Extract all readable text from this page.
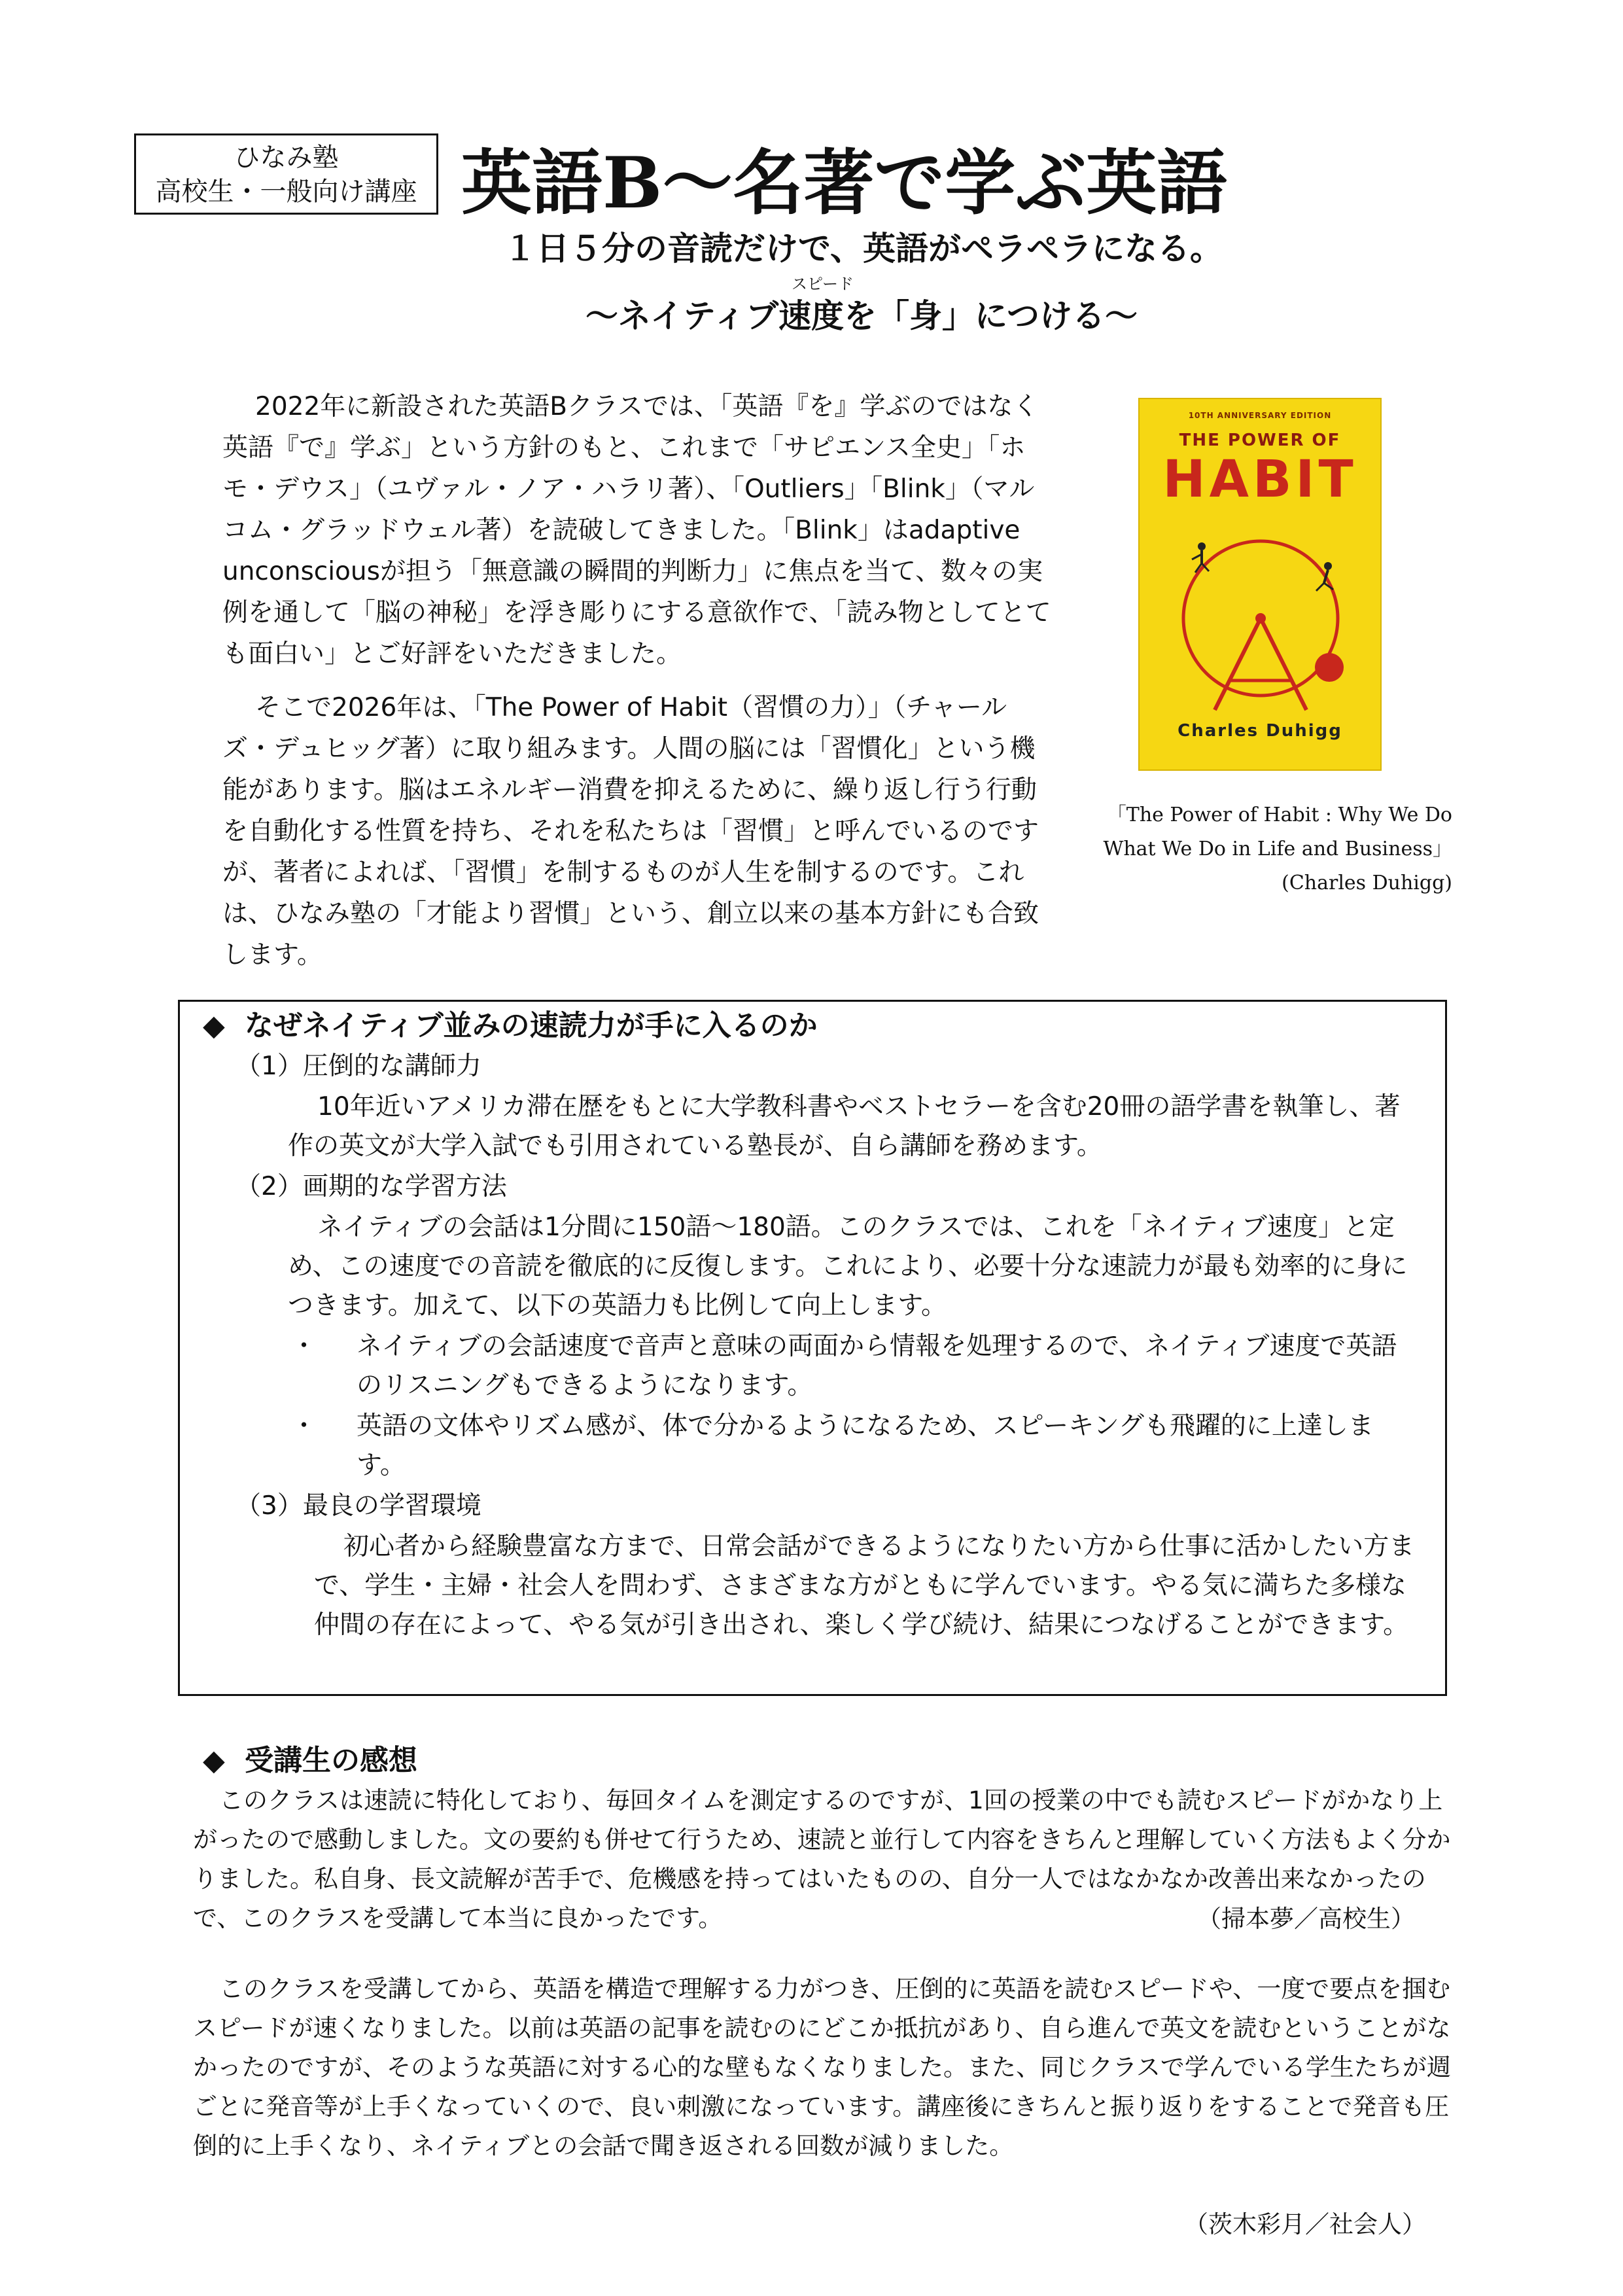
ひなみ塾
高校生・一般向け講座 英語B～名著で学ぶ英語
１日５分の音読だけで、英語がペラペラになる。
スピード
～ネイティブ速度を「身」につける～

2022年に新設された英語Bクラスでは、「英語『を』学ぶのではなく英語『で』学ぶ」という方針のもと、これまで「サピエンス全史」「ホモ・デウス」（ユヴァル・ノア・ハラリ著）、「Outliers」「Blink」（マルコム・グラッドウェル著）を読破してきました。「Blink」はadaptive unconsciousが担う「無意識の瞬間的判断力」に焦点を当て、数々の実例を通して「脳の神秘」を浮き彫りにする意欲作で、「読み物としてとても面白い」とご好評をいただきました。

そこで2026年は、「The Power of Habit（習慣の力）」（チャールズ・デュヒッグ著）に取り組みます。人間の脳には「習慣化」という機能があります。脳はエネルギー消費を抑えるために、繰り返し行う行動を自動化する性質を持ち、それを私たちは「習慣」と呼んでいるのですが、著者によれば、「習慣」を制するものが人生を制するのです。これは、ひなみ塾の「才能より習慣」という、創立以来の基本方針にも合致します。

10TH ANNIVERSARY EDITION
THE POWER OF
HABIT
Charles Duhigg
「The Power of Habit : Why We Do
What We Do in Life and Business」
(Charles Duhigg)
◆ なぜネイティブ並みの速読力が手に入るのか
（1）圧倒的な講師力

10年近いアメリカ滞在歴をもとに大学教科書やベストセラーを含む20冊の語学書を執筆し、著作の英文が大学入試でも引用されている塾長が、自ら講師を務めます。

（2）画期的な学習方法

ネイティブの会話は1分間に150語～180語。このクラスでは、これを「ネイティブ速度」と定め、この速度での音読を徹底的に反復します。これにより、必要十分な速読力が最も効率的に身につきます。加えて、以下の英語力も比例して向上します。

・ ネイティブの会話速度で音声と意味の両面から情報を処理するので、ネイティブ速度で英語のリスニングもできるようになります。

・ 英語の文体やリズム感が、体で分かるようになるため、スピーキングも飛躍的に上達します。

（3）最良の学習環境

初心者から経験豊富な方まで、日常会話ができるようになりたい方から仕事に活かしたい方まで、学生・主婦・社会人を問わず、さまざまな方がともに学んでいます。やる気に満ちた多様な仲間の存在によって、やる気が引き出され、楽しく学び続け、結果につなげることができます。

◆ 受講生の感想

このクラスは速読に特化しており、毎回タイムを測定するのですが、1回の授業の中でも読むスピードがかなり上がったので感動しました。文の要約も併せて行うため、速読と並行して内容をきちんと理解していく方法もよく分かりました。私自身、長文読解が苦手で、危機感を持ってはいたものの、自分一人ではなかなか改善出来なかったので、このクラスを受講して本当に良かったです。	（掃本夢／高校生）

このクラスを受講してから、英語を構造で理解する力がつき、圧倒的に英語を読むスピードや、一度で要点を掴むスピードが速くなりました。以前は英語の記事を読むのにどこか抵抗があり、自ら進んで英文を読むということがなかったのですが、そのような英語に対する心的な壁もなくなりました。また、同じクラスで学んでいる学生たちが週ごとに発音等が上手くなっていくので、良い刺激になっています。講座後にきちんと振り返りをすることで発音も圧倒的に上手くなり、ネイティブとの会話で聞き返される回数が減りました。

（茨木彩月／社会人）
